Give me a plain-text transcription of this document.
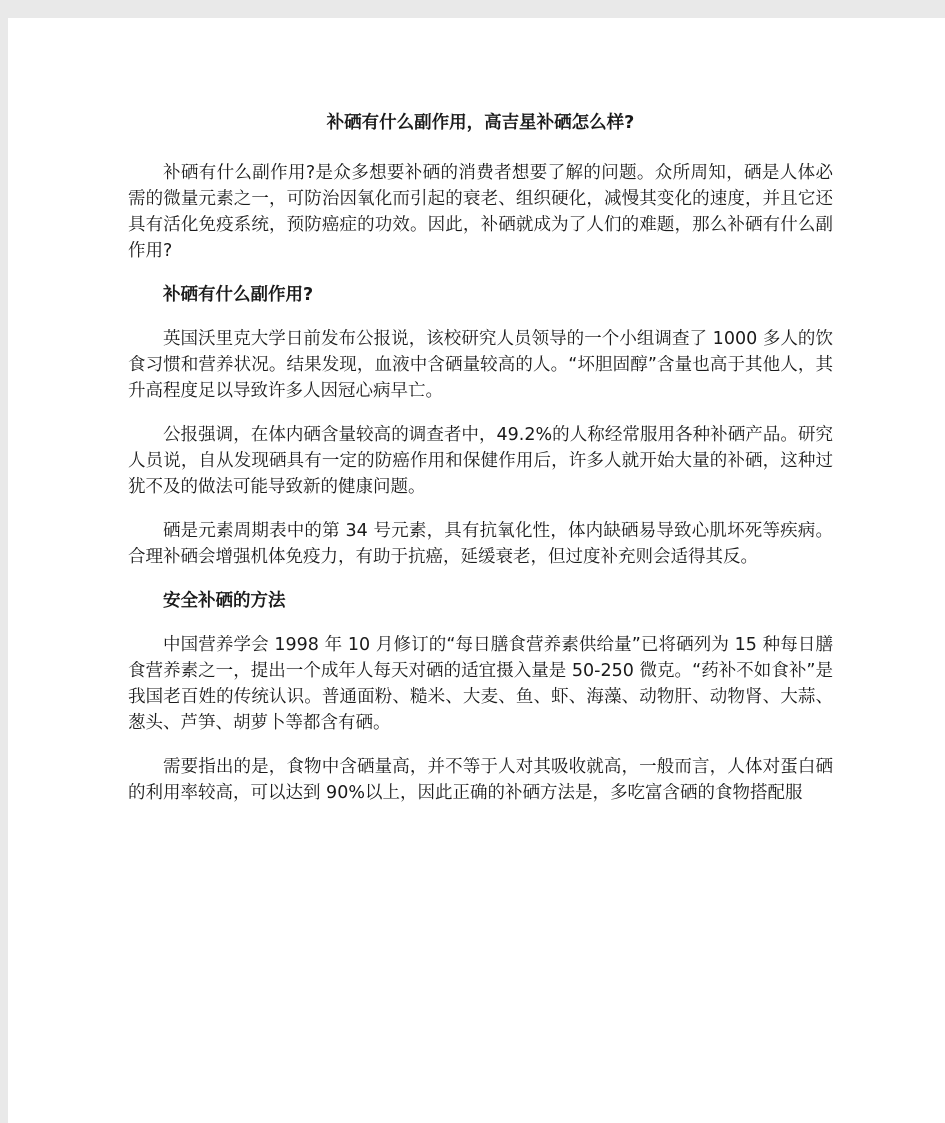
补硒有什么副作用，高吉星补硒怎么样?
补硒有什么副作用?是众多想要补硒的消费者想要了解的问题。众所周知，硒是人体必需的微量元素之一，可防治因氧化而引起的衰老、组织硬化，减慢其变化的速度，并且它还具有活化免疫系统，预防癌症的功效。因此，补硒就成为了人们的难题，那么补硒有什么副作用?
补硒有什么副作用?
英国沃里克大学日前发布公报说，该校研究人员领导的一个小组调查了 1000 多人的饮食习惯和营养状况。结果发现，血液中含硒量较高的人。“坏胆固醇”含量也高于其他人，其升高程度足以导致许多人因冠心病早亡。
公报强调，在体内硒含量较高的调查者中，49.2%的人称经常服用各种补硒产品。研究人员说，自从发现硒具有一定的防癌作用和保健作用后，许多人就开始大量的补硒，这种过犹不及的做法可能导致新的健康问题。
硒是元素周期表中的第 34 号元素，具有抗氧化性，体内缺硒易导致心肌坏死等疾病。合理补硒会增强机体免疫力，有助于抗癌，延缓衰老，但过度补充则会适得其反。
安全补硒的方法
中国营养学会 1998 年 10 月修订的“每日膳食营养素供给量”已将硒列为 15 种每日膳食营养素之一，提出一个成年人每天对硒的适宜摄入量是 50-250 微克。“药补不如食补”是我国老百姓的传统认识。普通面粉、糙米、大麦、鱼、虾、海藻、动物肝、动物肾、大蒜、葱头、芦笋、胡萝卜等都含有硒。
需要指出的是，食物中含硒量高，并不等于人对其吸收就高，一般而言，人体对蛋白硒的利用率较高，可以达到 90%以上，因此正确的补硒方法是，多吃富含硒的食物搭配服
